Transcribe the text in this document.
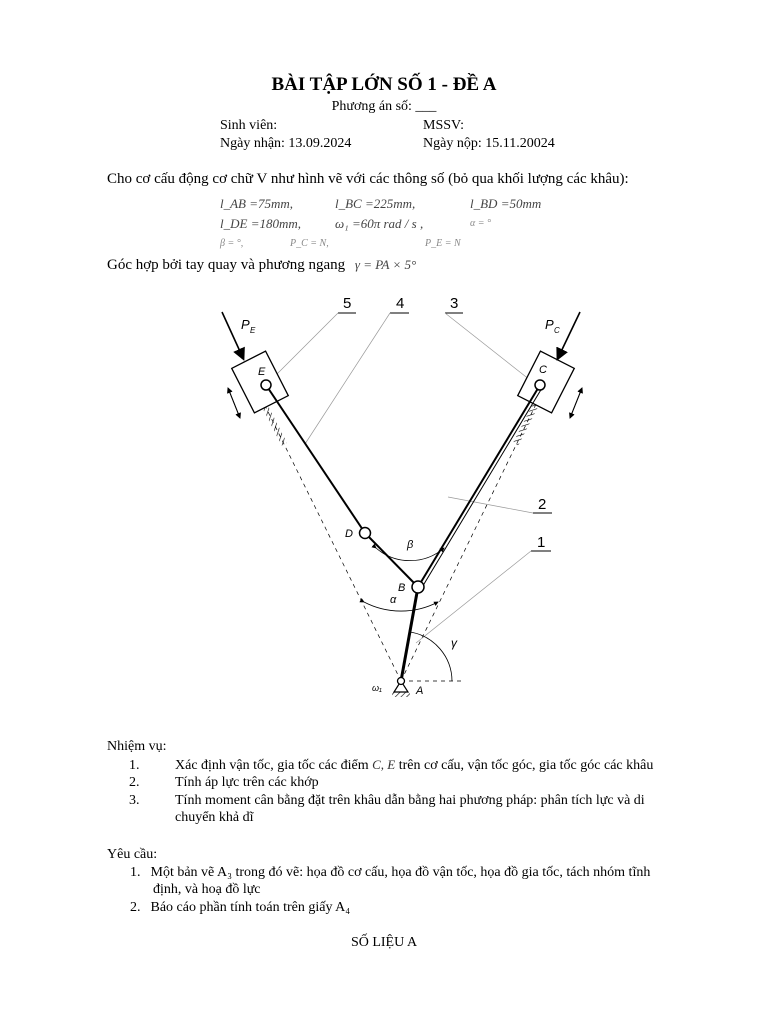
BÀI TẬP LỚN SỐ 1 - ĐỀ A
Phương án số: ___
Sinh viên:	MSSV:
Ngày nhận: 13.09.2024	Ngày nộp: 15.11.20024
Cho cơ cấu động cơ chữ V như hình vẽ với các thông số (bỏ qua khối lượng các khâu):
l_AB =75mm,	l_BC =225mm,	l_BD =50mm
l_DE =180mm,	ω₁ =60π rad / s ,	α = °
β = °,	P_C = N,	P_E = N
Góc hợp bởi tay quay và phương ngang γ = PA × 5°
5	4	3
2
1
P E	P C
E	C
D
B
A
β
α
γ
ω₁
Nhiệm vụ:
1.	Xác định vận tốc, gia tốc các điểm C, E trên cơ cấu, vận tốc góc, gia tốc góc các khâu
2.	Tính áp lực trên các khớp
3.	Tính moment cân bằng đặt trên khâu dẫn bằng hai phương pháp: phân tích lực và di
chuyển khả dĩ
Yêu cầu:
1. Một bản vẽ A₃ trong đó vẽ: họa đồ cơ cấu, họa đồ vận tốc, họa đồ gia tốc, tách nhóm tĩnh
định, và hoạ đồ lực
2. Báo cáo phần tính toán trên giấy A₄
SỐ LIỆU A
